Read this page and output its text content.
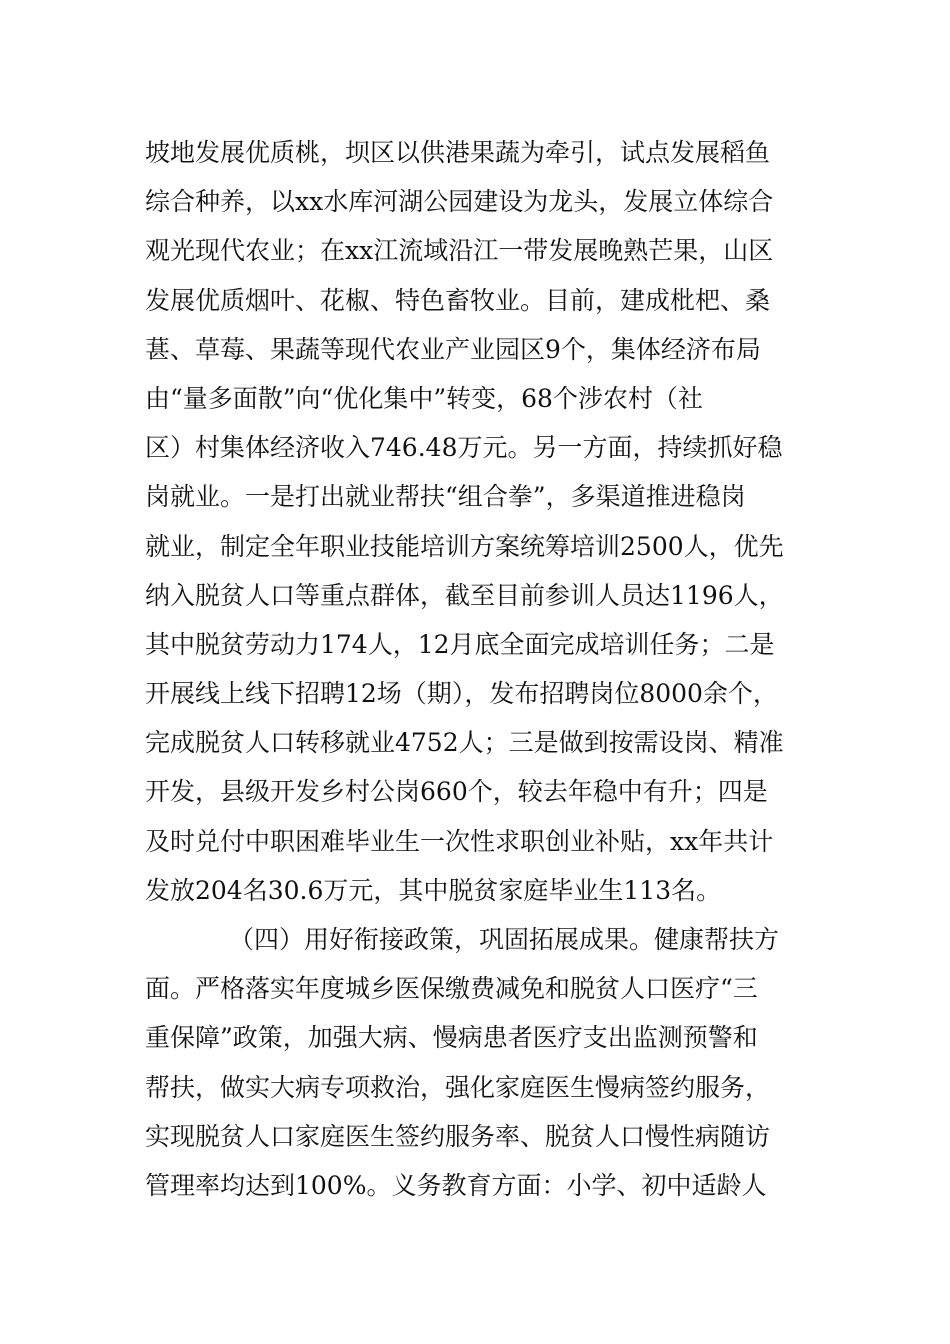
坡地发展优质桃，坝区以供港果蔬为牵引，试点发展稻鱼
综合种养，以xx水库河湖公园建设为龙头，发展立体综合
观光现代农业；在xx江流域沿江一带发展晚熟芒果，山区
发展优质烟叶、花椒、特色畜牧业。目前，建成枇杷、桑
葚、草莓、果蔬等现代农业产业园区9个，集体经济布局
由“量多面散”向“优化集中”转变，68个涉农村（社
区）村集体经济收入746.48万元。另一方面，持续抓好稳
岗就业。一是打出就业帮扶“组合拳”，多渠道推进稳岗
就业，制定全年职业技能培训方案统筹培训2500人，优先
纳入脱贫人口等重点群体，截至目前参训人员达1196人，
其中脱贫劳动力174人，12月底全面完成培训任务；二是
开展线上线下招聘12场（期），发布招聘岗位8000余个，
完成脱贫人口转移就业4752人；三是做到按需设岗、精准
开发，县级开发乡村公岗660个，较去年稳中有升；四是
及时兑付中职困难毕业生一次性求职创业补贴，xx年共计
发放204名30.6万元，其中脱贫家庭毕业生113名。
（四）用好衔接政策，巩固拓展成果。健康帮扶方
面。严格落实年度城乡医保缴费减免和脱贫人口医疗“三
重保障”政策，加强大病、慢病患者医疗支出监测预警和
帮扶，做实大病专项救治，强化家庭医生慢病签约服务，
实现脱贫人口家庭医生签约服务率、脱贫人口慢性病随访
管理率均达到100%。义务教育方面：小学、初中适龄人
